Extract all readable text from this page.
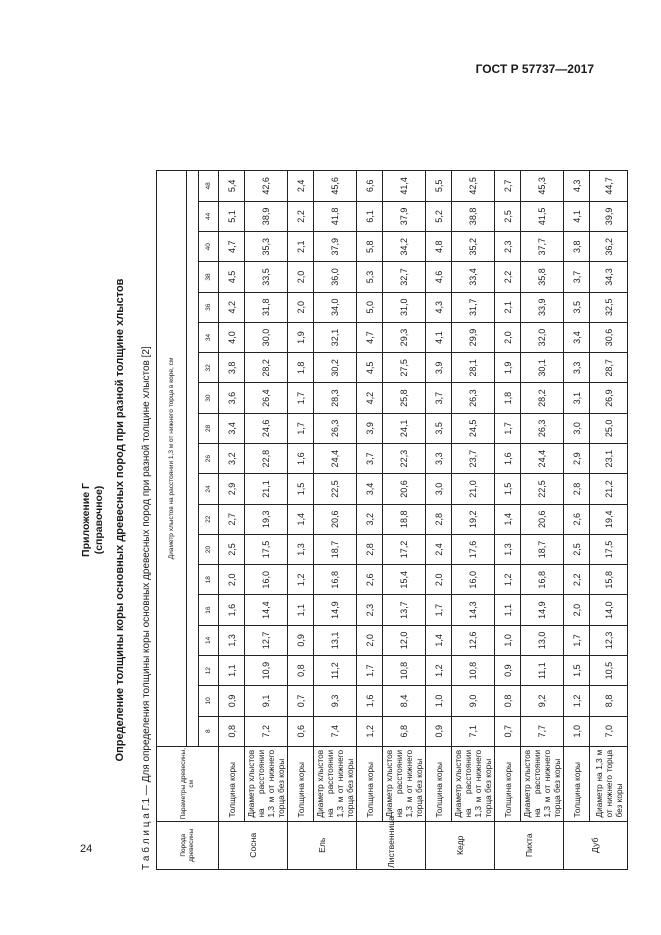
ГОСТ Р 57737—2017
Приложение Г (справочное) Определение толщины коры основных древесных пород при разной толщине хлыстов Т а б л и ц а Г.1 — Для определения толщины коры основных древесных пород при разной толщине хлыстов [2]	Порода древесины	Параметры древесины, см	Диаметр хлыстов на расстоянии 1,3 м от нижнего торца в коре, см																		

		8	10	12	14	16	18	20	22	24	26	28	30	32	34	36	38	40	44	48
Сосна	Толщина коры	0,8	0,9	1,1	1,3	1,6	2,0	2,5	2,7	2,9	3,2	3,4	3,6	3,8	4,0	4,2	4,5	4,7	5,1	5,4
	Диаметр хлыстов на расстоянии 1,3 м от нижнего торца без коры	7,2	9,1	10,9	12,7	14,4	16,0	17,5	19,3	21,1	22,8	24,6	26,4	28,2	30,0	31,8	33,5	35,3	38,9	42,6
Ель	Толщина коры	0,6	0,7	0,8	0,9	1,1	1,2	1,3	1,4	1,5	1,6	1,7	1,7	1,8	1,9	2,0	2,0	2,1	2,2	2,4
	Диаметр хлыстов на расстоянии 1,3 м от нижнего торца без коры	7,4	9,3	11,2	13,1	14,9	16,8	18,7	20,6	22,5	24,4	26,3	28,3	30,2	32,1	34,0	36,0	37,9	41,8	45,6
Лиственница	Толщина коры	1,2	1,6	1,7	2,0	2,3	2,6	2,8	3,2	3,4	3,7	3,9	4,2	4,5	4,7	5,0	5,3	5,8	6,1	6,6
	Диаметр хлыстов на расстоянии 1,3 м от нижнего торца без коры	6,8	8,4	10,8	12,0	13,7	15,4	17,2	18,8	20,6	22,3	24,1	25,8	27,5	29,3	31,0	32,7	34,2	37,9	41,4
Кедр	Толщина коры	0,9	1,0	1,2	1,4	1,7	2,0	2,4	2,8	3,0	3,3	3,5	3,7	3,9	4,1	4,3	4,6	4,8	5,2	5,5
	Диаметр хлыстов на расстоянии 1,3 м от нижнего торца без коры	7,1	9,0	10,8	12,6	14,3	16,0	17,6	19,2	21,0	23,7	24,5	26,3	28,1	29,9	31,7	33,4	35,2	38,8	42,5
Пихта	Толщина коры	0,7	0,8	0,9	1,0	1,1	1,2	1,3	1,4	1,5	1,6	1,7	1,8	1,9	2,0	2,1	2,2	2,3	2,5	2,7
	Диаметр хлыстов на расстоянии 1,3 м от нижнего торца без коры	7,7	9,2	11,1	13,0	14,9	16,8	18,7	20,6	22,5	24,4	26,3	28,2	30,1	32,0	33,9	35,8	37,7	41,5	45,3
Дуб	Толщина коры	1,0	1,2	1,5	1,7	2,0	2,2	2,5	2,6	2,8	2,9	3,0	3,1	3,3	3,4	3,5	3,7	3,8	4,1	4,3
	Диаметр на 1,3 м от нижнего торца без коры	7,0	8,8	10,5	12,3	14,0	15,8	17,5	19,4	21,2	23,1	25,0	26,9	28,7	30,6	32,5	34,3	36,2	39,9	44,7
24
